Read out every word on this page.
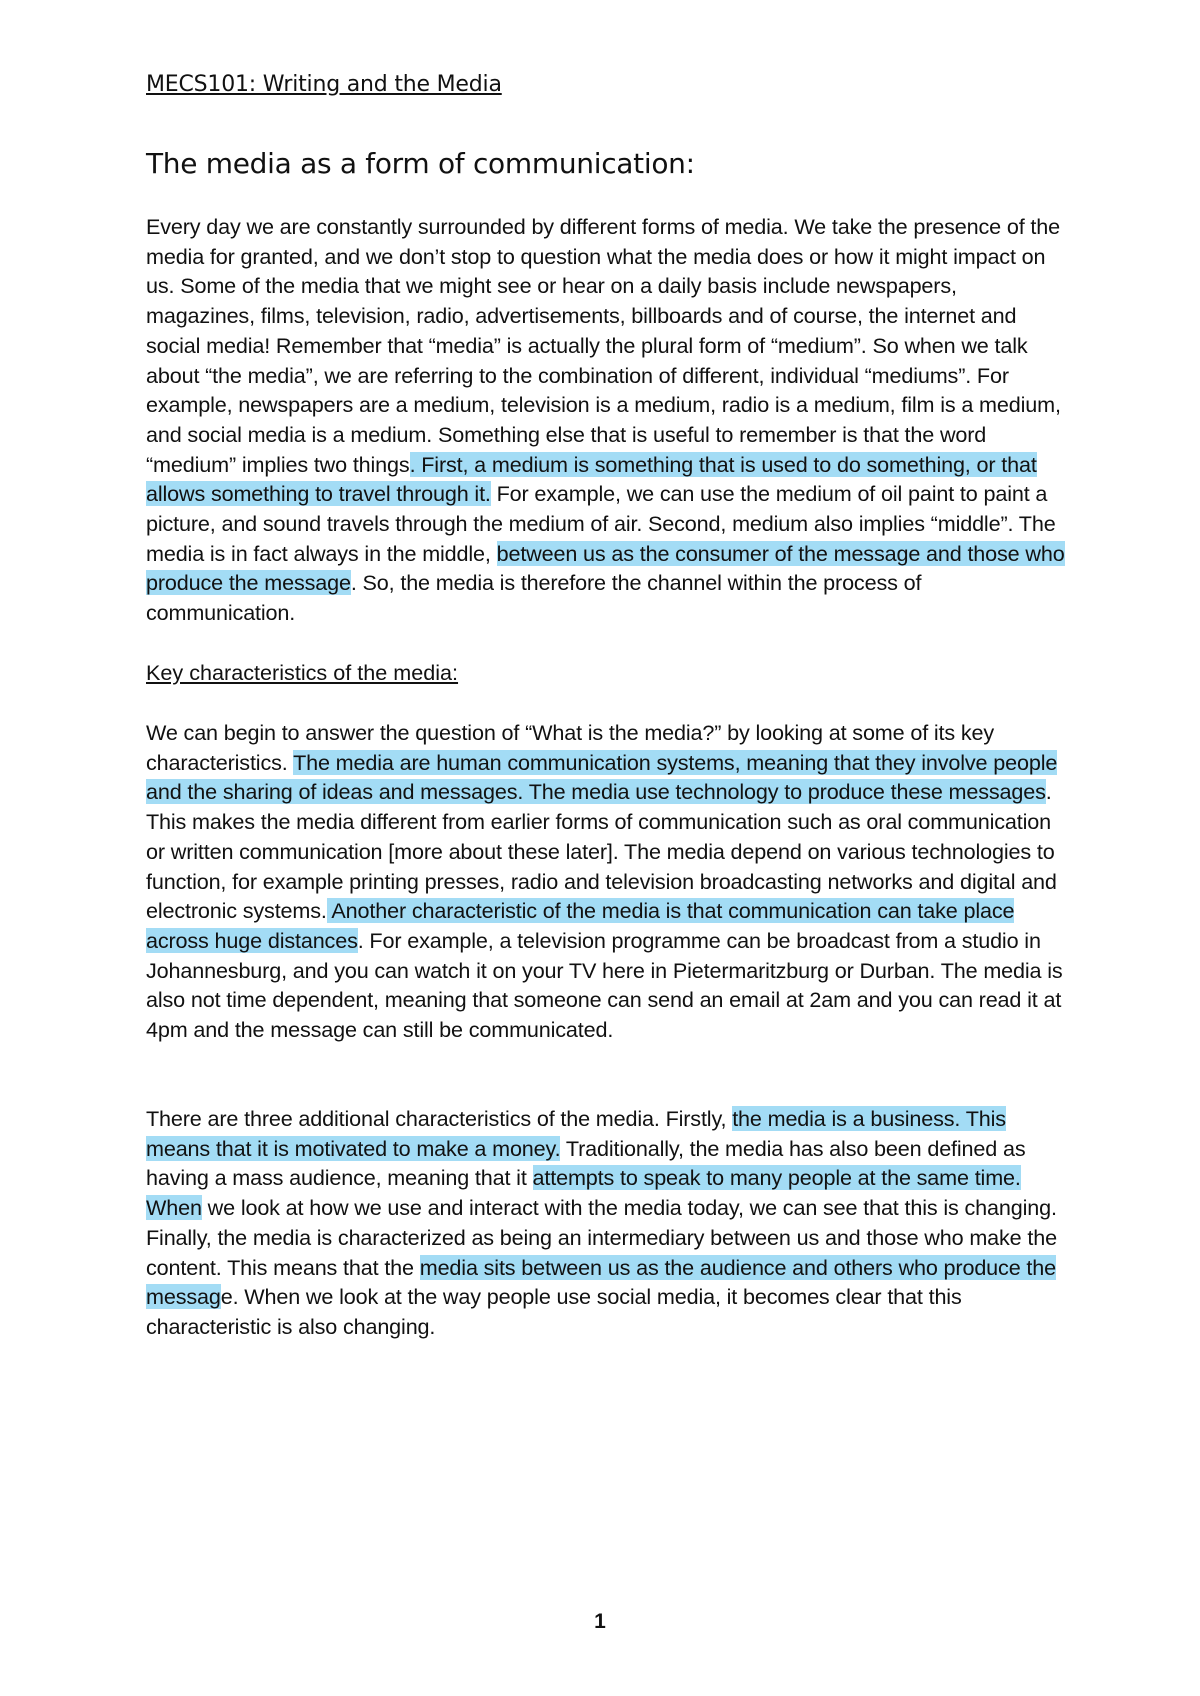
MECS101: Writing and the Media
The media as a form of communication:

Every day we are constantly surrounded by different forms of media. We take the presence of the media for granted, and we don’t stop to question what the media does or how it might impact on us. Some of the media that we might see or hear on a daily basis include newspapers, magazines, films, television, radio, advertisements, billboards and of course, the internet and social media! Remember that “media” is actually the plural form of “medium”. So when we talk about “the media”, we are referring to the combination of different, individual “mediums”. For example, newspapers are a medium, television is a medium, radio is a medium, film is a medium, and social media is a medium. Something else that is useful to remember is that the word “medium” implies two things. First, a medium is something that is used to do something, or that allows something to travel through it. For example, we can use the medium of oil paint to paint a picture, and sound travels through the medium of air. Second, medium also implies “middle”. The media is in fact always in the middle, between us as the consumer of the message and those who produce the message. So, the media is therefore the channel within the process of communication.

Key characteristics of the media:

We can begin to answer the question of “What is the media?” by looking at some of its key characteristics. The media are human communication systems, meaning that they involve people and the sharing of ideas and messages. The media use technology to produce these messages. This makes the media different from earlier forms of communication such as oral communication or written communication [more about these later]. The media depend on various technologies to function, for example printing presses, radio and television broadcasting networks and digital and electronic systems. Another characteristic of the media is that communication can take place across huge distances. For example, a television programme can be broadcast from a studio in Johannesburg, and you can watch it on your TV here in Pietermaritzburg or Durban. The media is also not time dependent, meaning that someone can send an email at 2am and you can read it at 4pm and the message can still be communicated.

There are three additional characteristics of the media. Firstly, the media is a business. This means that it is motivated to make a money. Traditionally, the media has also been defined as having a mass audience, meaning that it attempts to speak to many people at the same time. When we look at how we use and interact with the media today, we can see that this is changing. Finally, the media is characterized as being an intermediary between us and those who make the content. This means that the media sits between us as the audience and others who produce the message. When we look at the way people use social media, it becomes clear that this characteristic is also changing.

1
